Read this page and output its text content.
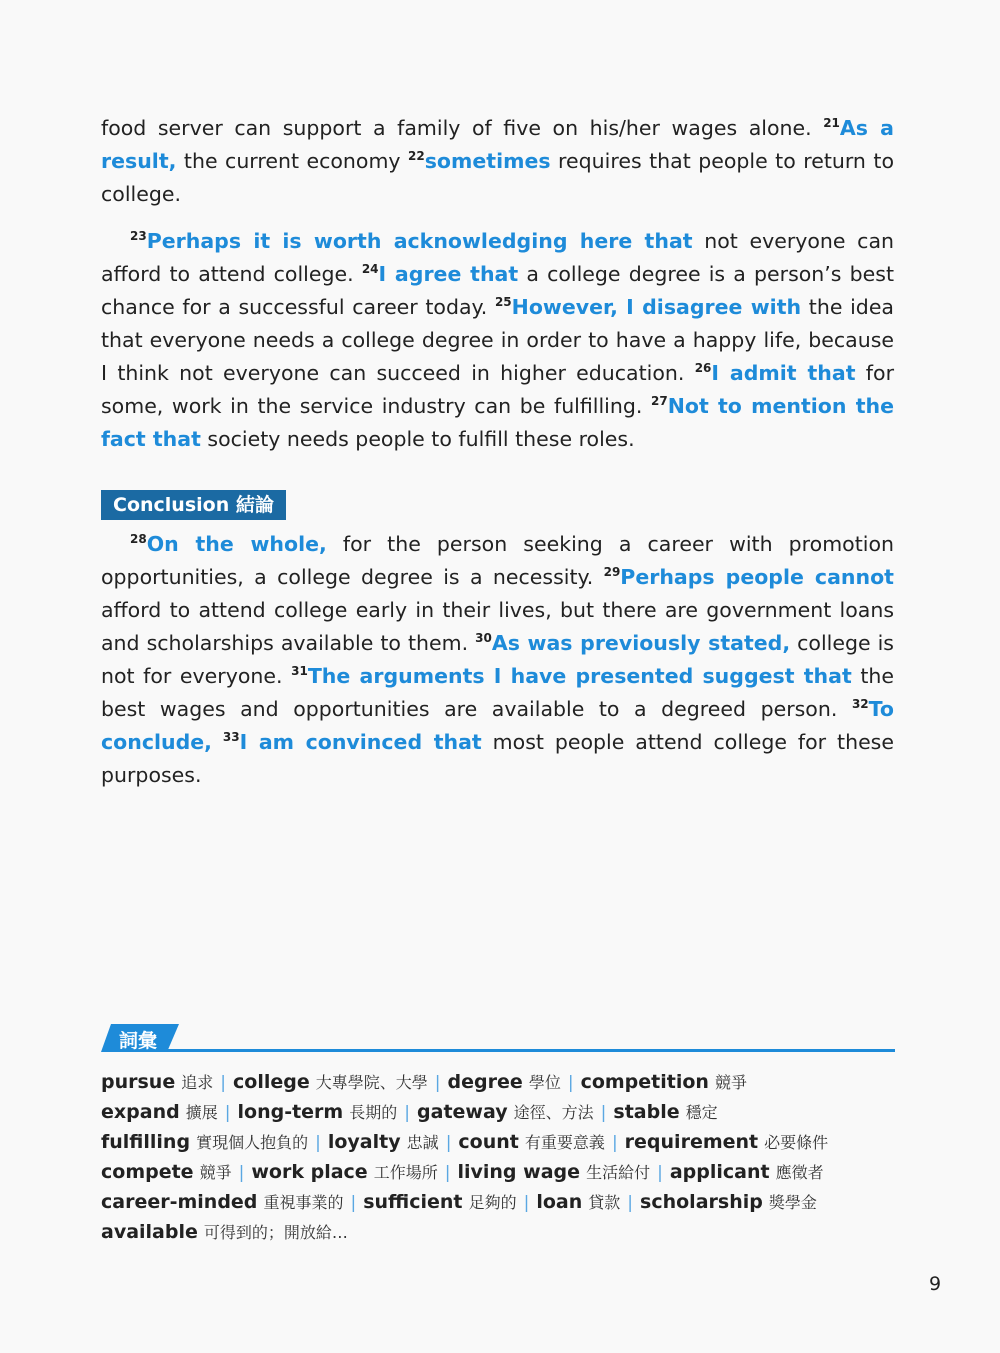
food server can support a family of five on his/her wages alone. $^{21}$As a result, the current economy $^{22}$sometimes requires that people to return to college.

$^{23}$Perhaps it is worth acknowledging here that not everyone can afford to attend college. $^{24}$I agree that a college degree is a person’s best chance for a successful career today. $^{25}$However, I disagree with the idea that everyone needs a college degree in order to have a happy life, because I think not everyone can succeed in higher education. $^{26}$I admit that for some, work in the service industry can be fulfilling. $^{27}$Not to mention the fact that society needs people to fulfill these roles.

Conclusion 結論

$^{28}$On the whole, for the person seeking a career with promotion opportunities, a college degree is a necessity. $^{29}$Perhaps people cannot afford to attend college early in their lives, but there are government loans and scholarships available to them. $^{30}$As was previously stated, college is not for everyone. $^{31}$The arguments I have presented suggest that the best wages and opportunities are available to a degreed person. $^{32}$To conclude, $^{33}$I am convinced that most people attend college for these purposes.

詞彙
pursue 追求 | college 大專學院、大學 | degree 學位 | competition 競爭
expand 擴展 | long-term 長期的 | gateway 途徑、方法 | stable 穩定
fulfilling 實現個人抱負的 | loyalty 忠誠 | count 有重要意義 | requirement 必要條件
compete 競爭 | work place 工作場所 | living wage 生活給付 | applicant 應徵者
career-minded 重視事業的 | sufficient 足夠的 | loan 貸款 | scholarship 獎學金
available 可得到的；開放給…
9
